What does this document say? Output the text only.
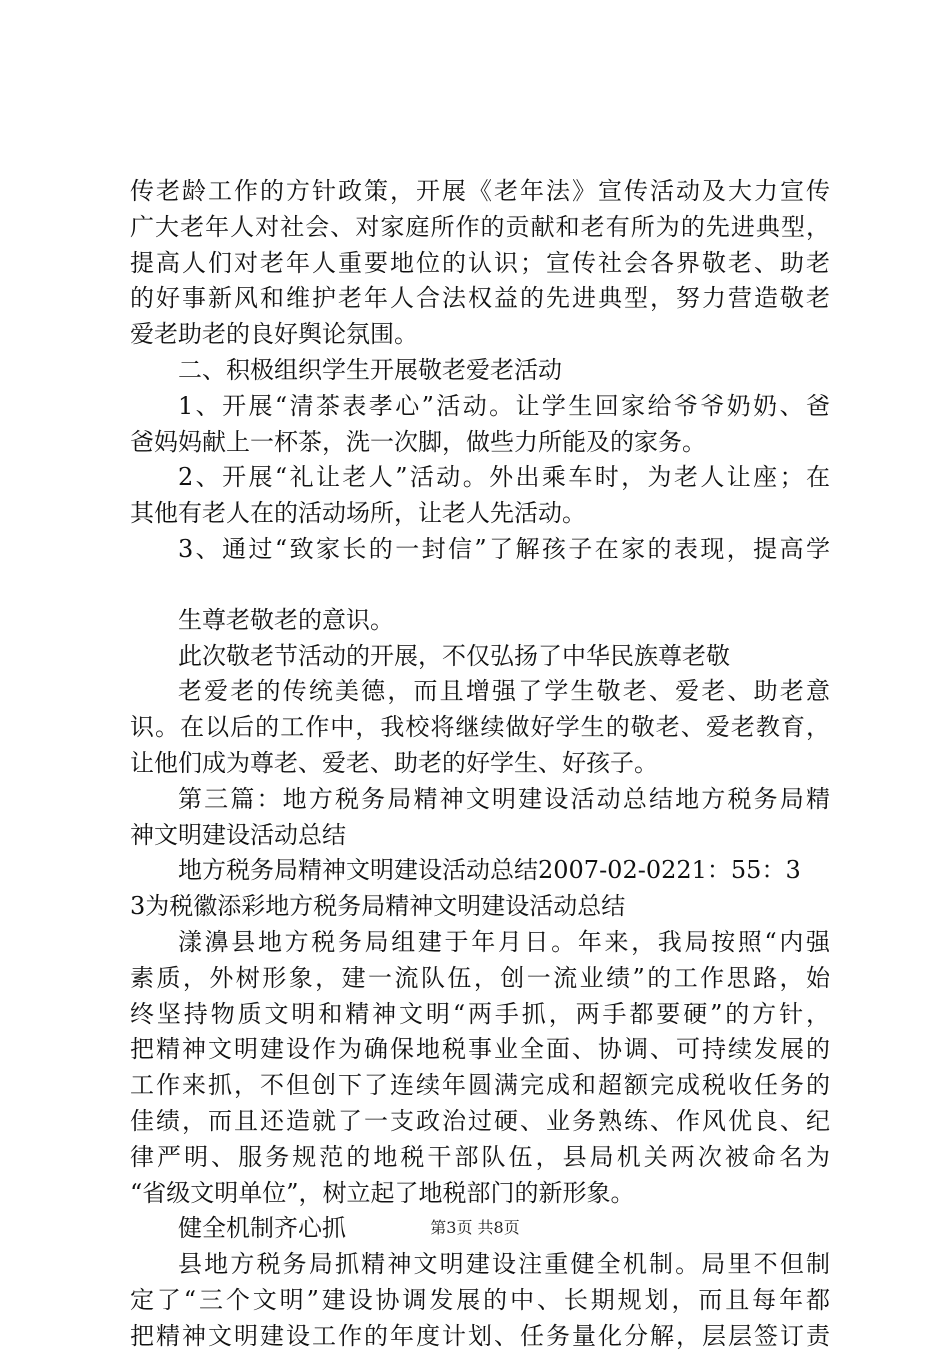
传老龄工作的方针政策，开展《老年法》宣传活动及大力宣传
广大老年人对社会、对家庭所作的贡献和老有所为的先进典型，
提高人们对老年人重要地位的认识；宣传社会各界敬老、助老
的好事新风和维护老年人合法权益的先进典型，努力营造敬老
爱老助老的良好舆论氛围。
二、积极组织学生开展敬老爱老活动
1、开展“清茶表孝心”活动。让学生回家给爷爷奶奶、爸
爸妈妈献上一杯茶，洗一次脚，做些力所能及的家务。
2、开展“礼让老人”活动。外出乘车时，为老人让座；在
其他有老人在的活动场所，让老人先活动。
3、通过“致家长的一封信”了解孩子在家的表现，提高学
生尊老敬老的意识。
此次敬老节活动的开展，不仅弘扬了中华民族尊老敬
老爱老的传统美德，而且增强了学生敬老、爱老、助老意
识。在以后的工作中，我校将继续做好学生的敬老、爱老教育，
让他们成为尊老、爱老、助老的好学生、好孩子。
第三篇：地方税务局精神文明建设活动总结地方税务局精
神文明建设活动总结
地方税务局精神文明建设活动总结2007-02-0221：55：3
3为税徽添彩地方税务局精神文明建设活动总结
漾濞县地方税务局组建于年月日。年来，我局按照“内强
素质，外树形象，建一流队伍，创一流业绩”的工作思路，始
终坚持物质文明和精神文明“两手抓，两手都要硬”的方针，
把精神文明建设作为确保地税事业全面、协调、可持续发展的
工作来抓，不但创下了连续年圆满完成和超额完成税收任务的
佳绩，而且还造就了一支政治过硬、业务熟练、作风优良、纪
律严明、服务规范的地税干部队伍，县局机关两次被命名为
“省级文明单位”，树立起了地税部门的新形象。
健全机制齐心抓
县地方税务局抓精神文明建设注重健全机制。局里不但制
定了“三个文明”建设协调发展的中、长期规划，而且每年都
把精神文明建设工作的年度计划、任务量化分解，层层签订责
第3页 共8页
